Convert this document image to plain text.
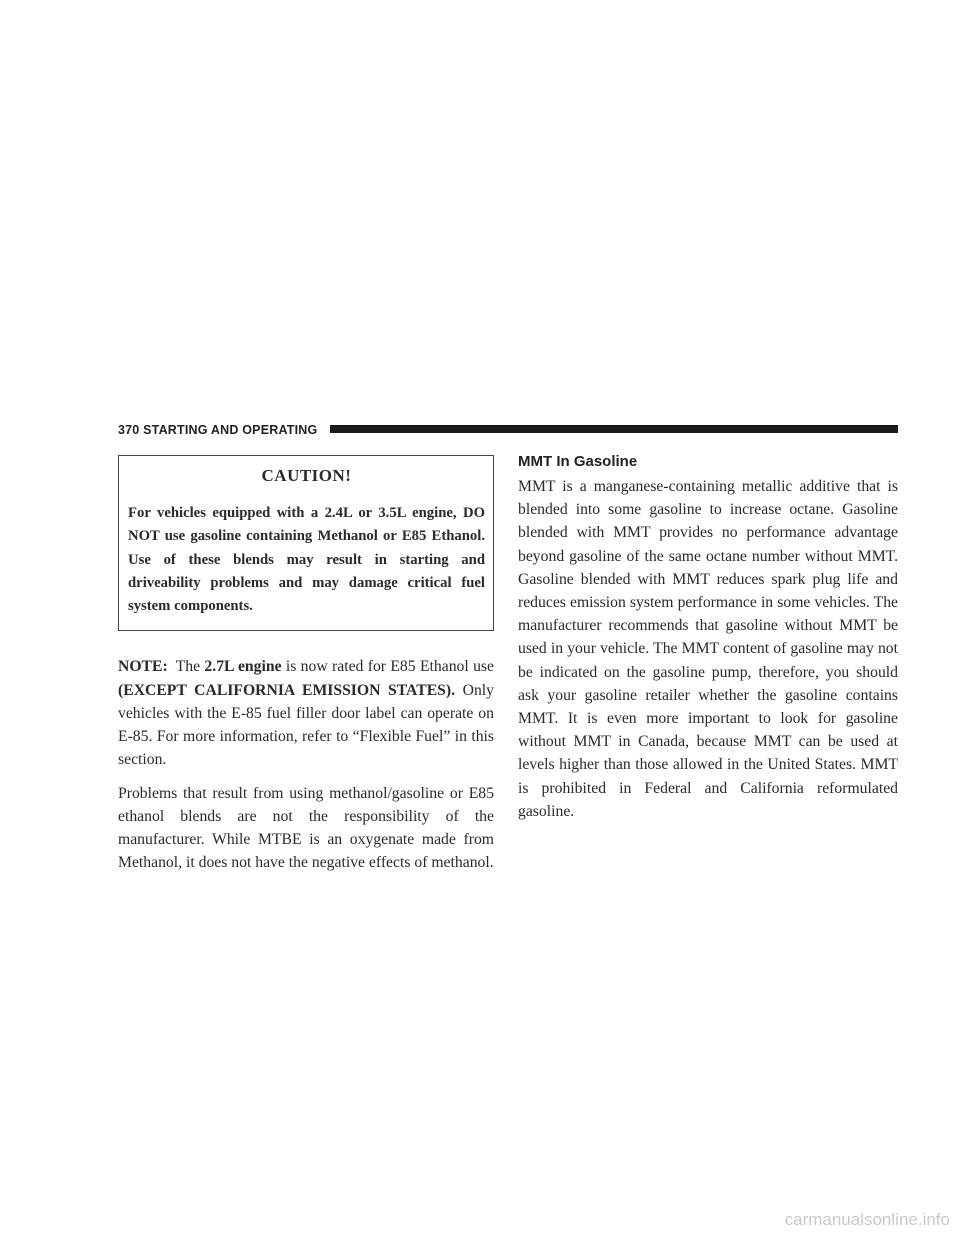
370 STARTING AND OPERATING
CAUTION!

For vehicles equipped with a 2.4L or 3.5L engine, DO NOT use gasoline containing Methanol or E85 Ethanol. Use of these blends may result in starting and driveability problems and may damage critical fuel system components.

NOTE: The 2.7L engine is now rated for E85 Ethanol use (EXCEPT CALIFORNIA EMISSION STATES). Only vehicles with the E-85 fuel filler door label can operate on E-85. For more information, refer to “Flexible Fuel” in this section.

Problems that result from using methanol/gasoline or E85 ethanol blends are not the responsibility of the manufacturer. While MTBE is an oxygenate made from Methanol, it does not have the negative effects of methanol.

MMT In Gasoline

MMT is a manganese-containing metallic additive that is blended into some gasoline to increase octane. Gasoline blended with MMT provides no performance advantage beyond gasoline of the same octane number without MMT. Gasoline blended with MMT reduces spark plug life and reduces emission system performance in some vehicles. The manufacturer recommends that gasoline without MMT be used in your vehicle. The MMT content of gasoline may not be indicated on the gasoline pump, therefore, you should ask your gasoline retailer whether the gasoline contains MMT. It is even more important to look for gasoline without MMT in Canada, because MMT can be used at levels higher than those allowed in the United States. MMT is prohibited in Federal and California reformulated gasoline.

carmanualsonline.info
